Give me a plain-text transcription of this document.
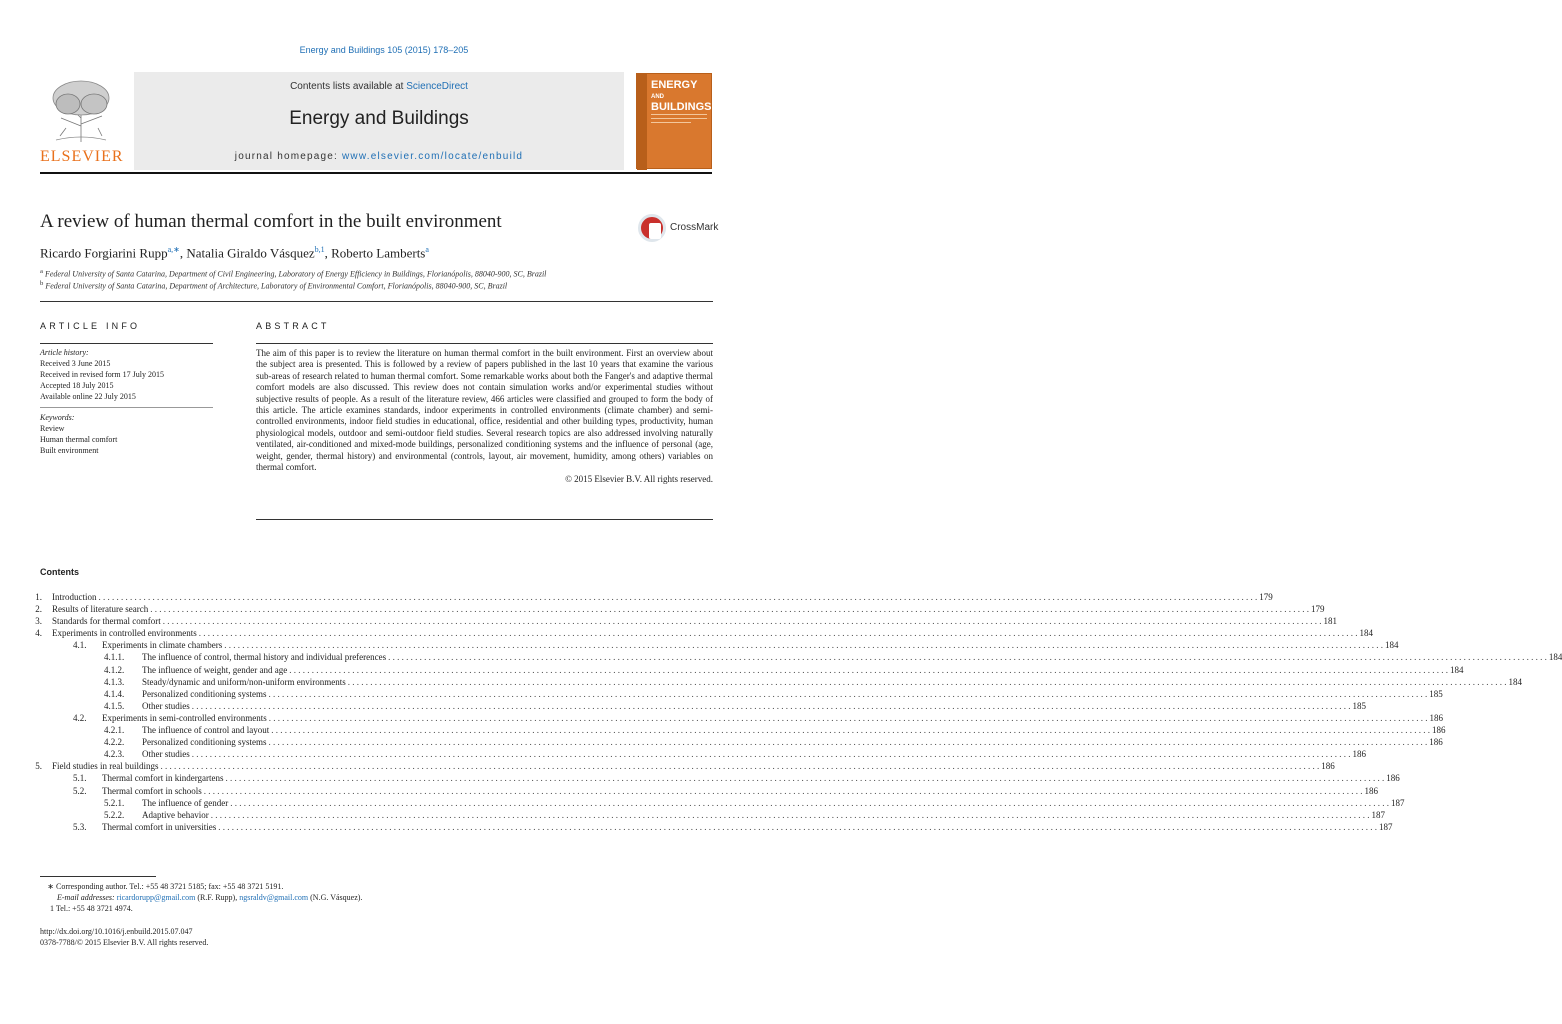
Energy and Buildings 105 (2015) 178–205
ELSEVIER
Contents lists available at ScienceDirect
Energy and Buildings
journal homepage: www.elsevier.com/locate/enbuild
ENERGY
AND
BUILDINGS
A review of human thermal comfort in the built environment	CrossMark
Ricardo Forgiarini Rupp$^{a,∗}$, Natalia Giraldo Vásquez$^{b,1}$, Roberto Lamberts$^a$
$^a$ Federal University of Santa Catarina, Department of Civil Engineering, Laboratory of Energy Efficiency in Buildings, Florianópolis, 88040-900, SC, Brazil
$^b$ Federal University of Santa Catarina, Department of Architecture, Laboratory of Environmental Comfort, Florianópolis, 88040-900, SC, Brazil
ARTICLE INFO
Article history:
Received 3 June 2015
Received in revised form 17 July 2015
Accepted 18 July 2015
Available online 22 July 2015
Keywords:
Review
Human thermal comfort
Built environment
ABSTRACT
The aim of this paper is to review the literature on human thermal comfort in the built environment. First an overview about the subject area is presented. This is followed by a review of papers published in the last 10 years that examine the various sub-areas of research related to human thermal comfort. Some remarkable works about both the Fanger's and adaptive thermal comfort models are also discussed. This review does not contain simulation works and/or experimental studies without subjective results of people. As a result of the literature review, 466 articles were classified and grouped to form the body of this article. The article examines standards, indoor experiments in controlled environments (climate chamber) and semi-controlled environments, indoor field studies in educational, office, residential and other building types, productivity, human physiological models, outdoor and semi-outdoor field studies. Several research topics are also addressed involving naturally ventilated, air-conditioned and mixed-mode buildings, personalized conditioning systems and the influence of personal (age, weight, gender, thermal history) and environmental (controls, layout, air movement, humidity, among others) variables on thermal comfort.
© 2015 Elsevier B.V. All rights reserved.
Contents
1.	Introduction . . .	179
2.	Results of literature search . . .	179
3.	Standards for thermal comfort . . .	181
4.	Experiments in controlled environments . . .	184
4.1.	Experiments in climate chambers . . .	184
4.1.1.	The influence of control, thermal history and individual preferences . . .	184
4.1.2.	The influence of weight, gender and age . . .	184
4.1.3.	Steady/dynamic and uniform/non-uniform environments . . .	184
4.1.4.	Personalized conditioning systems . . .	185
4.1.5.	Other studies . . .	185
4.2.	Experiments in semi-controlled environments . . .	186
4.2.1.	The influence of control and layout . . .	186
4.2.2.	Personalized conditioning systems . . .	186
4.2.3.	Other studies . . .	186
5.	Field studies in real buildings . . .	186
5.1.	Thermal comfort in kindergartens . . .	186
5.2.	Thermal comfort in schools . . .	186
5.2.1.	The influence of gender . . .	187
5.2.2.	Adaptive behavior . . .	187
5.3.	Thermal comfort in universities . . .	187
∗ Corresponding author. Tel.: +55 48 3721 5185; fax: +55 48 3721 5191.
E-mail addresses: ricardorupp@gmail.com (R.F. Rupp), ngsraldv@gmail.com (N.G. Vásquez).
1 Tel.: +55 48 3721 4974.
http://dx.doi.org/10.1016/j.enbuild.2015.07.047
0378-7788/© 2015 Elsevier B.V. All rights reserved.
